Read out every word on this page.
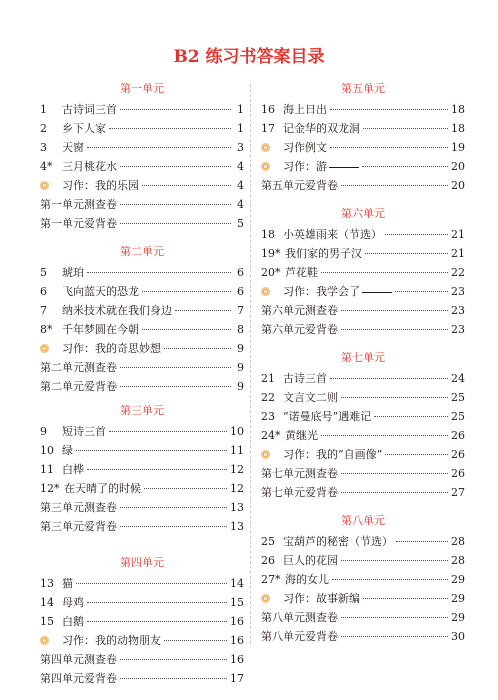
B2 练习书答案目录
第一单元
1	古诗词三首	1
2	乡下人家	1
3	天窗	3
4* 三月桃花水	4
习作：我的乐园	4
第一单元测查卷	4
第一单元爱背卷	5
第二单元
5	琥珀	6
6	飞向蓝天的恐龙	6
7	纳米技术就在我们身边	7
8* 千年梦圆在今朝	8
习作：我的奇思妙想	9
第二单元测查卷	9
第二单元爱背卷	9
第三单元
9	短诗三首	10
10 绿	11
11 白桦	12
12* 在天晴了的时候	12
第三单元测查卷	13
第三单元爱背卷	13
第四单元
13 猫	14
14 母鸡	15
15 白鹅	16
习作：我的动物朋友	16
第四单元测查卷	16
第四单元爱背卷	17
第五单元
16 海上日出	18
17 记金华的双龙洞	18
习作例文	19
习作：游	20
第五单元爱背卷	20
第六单元
18 小英雄雨来（节选）	21
19* 我们家的男子汉	21
20* 芦花鞋	22
习作：我学会了	23
第六单元测查卷	23
第六单元爱背卷	23
第七单元
21 古诗三首	24
22 文言文二则	25
23 “诺曼底号”遇难记	25
24* 黄继光	26
习作：我的“自画像”	26
第七单元测查卷	26
第七单元爱背卷	27
第八单元
25 宝葫芦的秘密（节选）	28
26 巨人的花园	28
27* 海的女儿	29
习作：故事新编	29
第八单元测查卷	29
第八单元爱背卷	30
